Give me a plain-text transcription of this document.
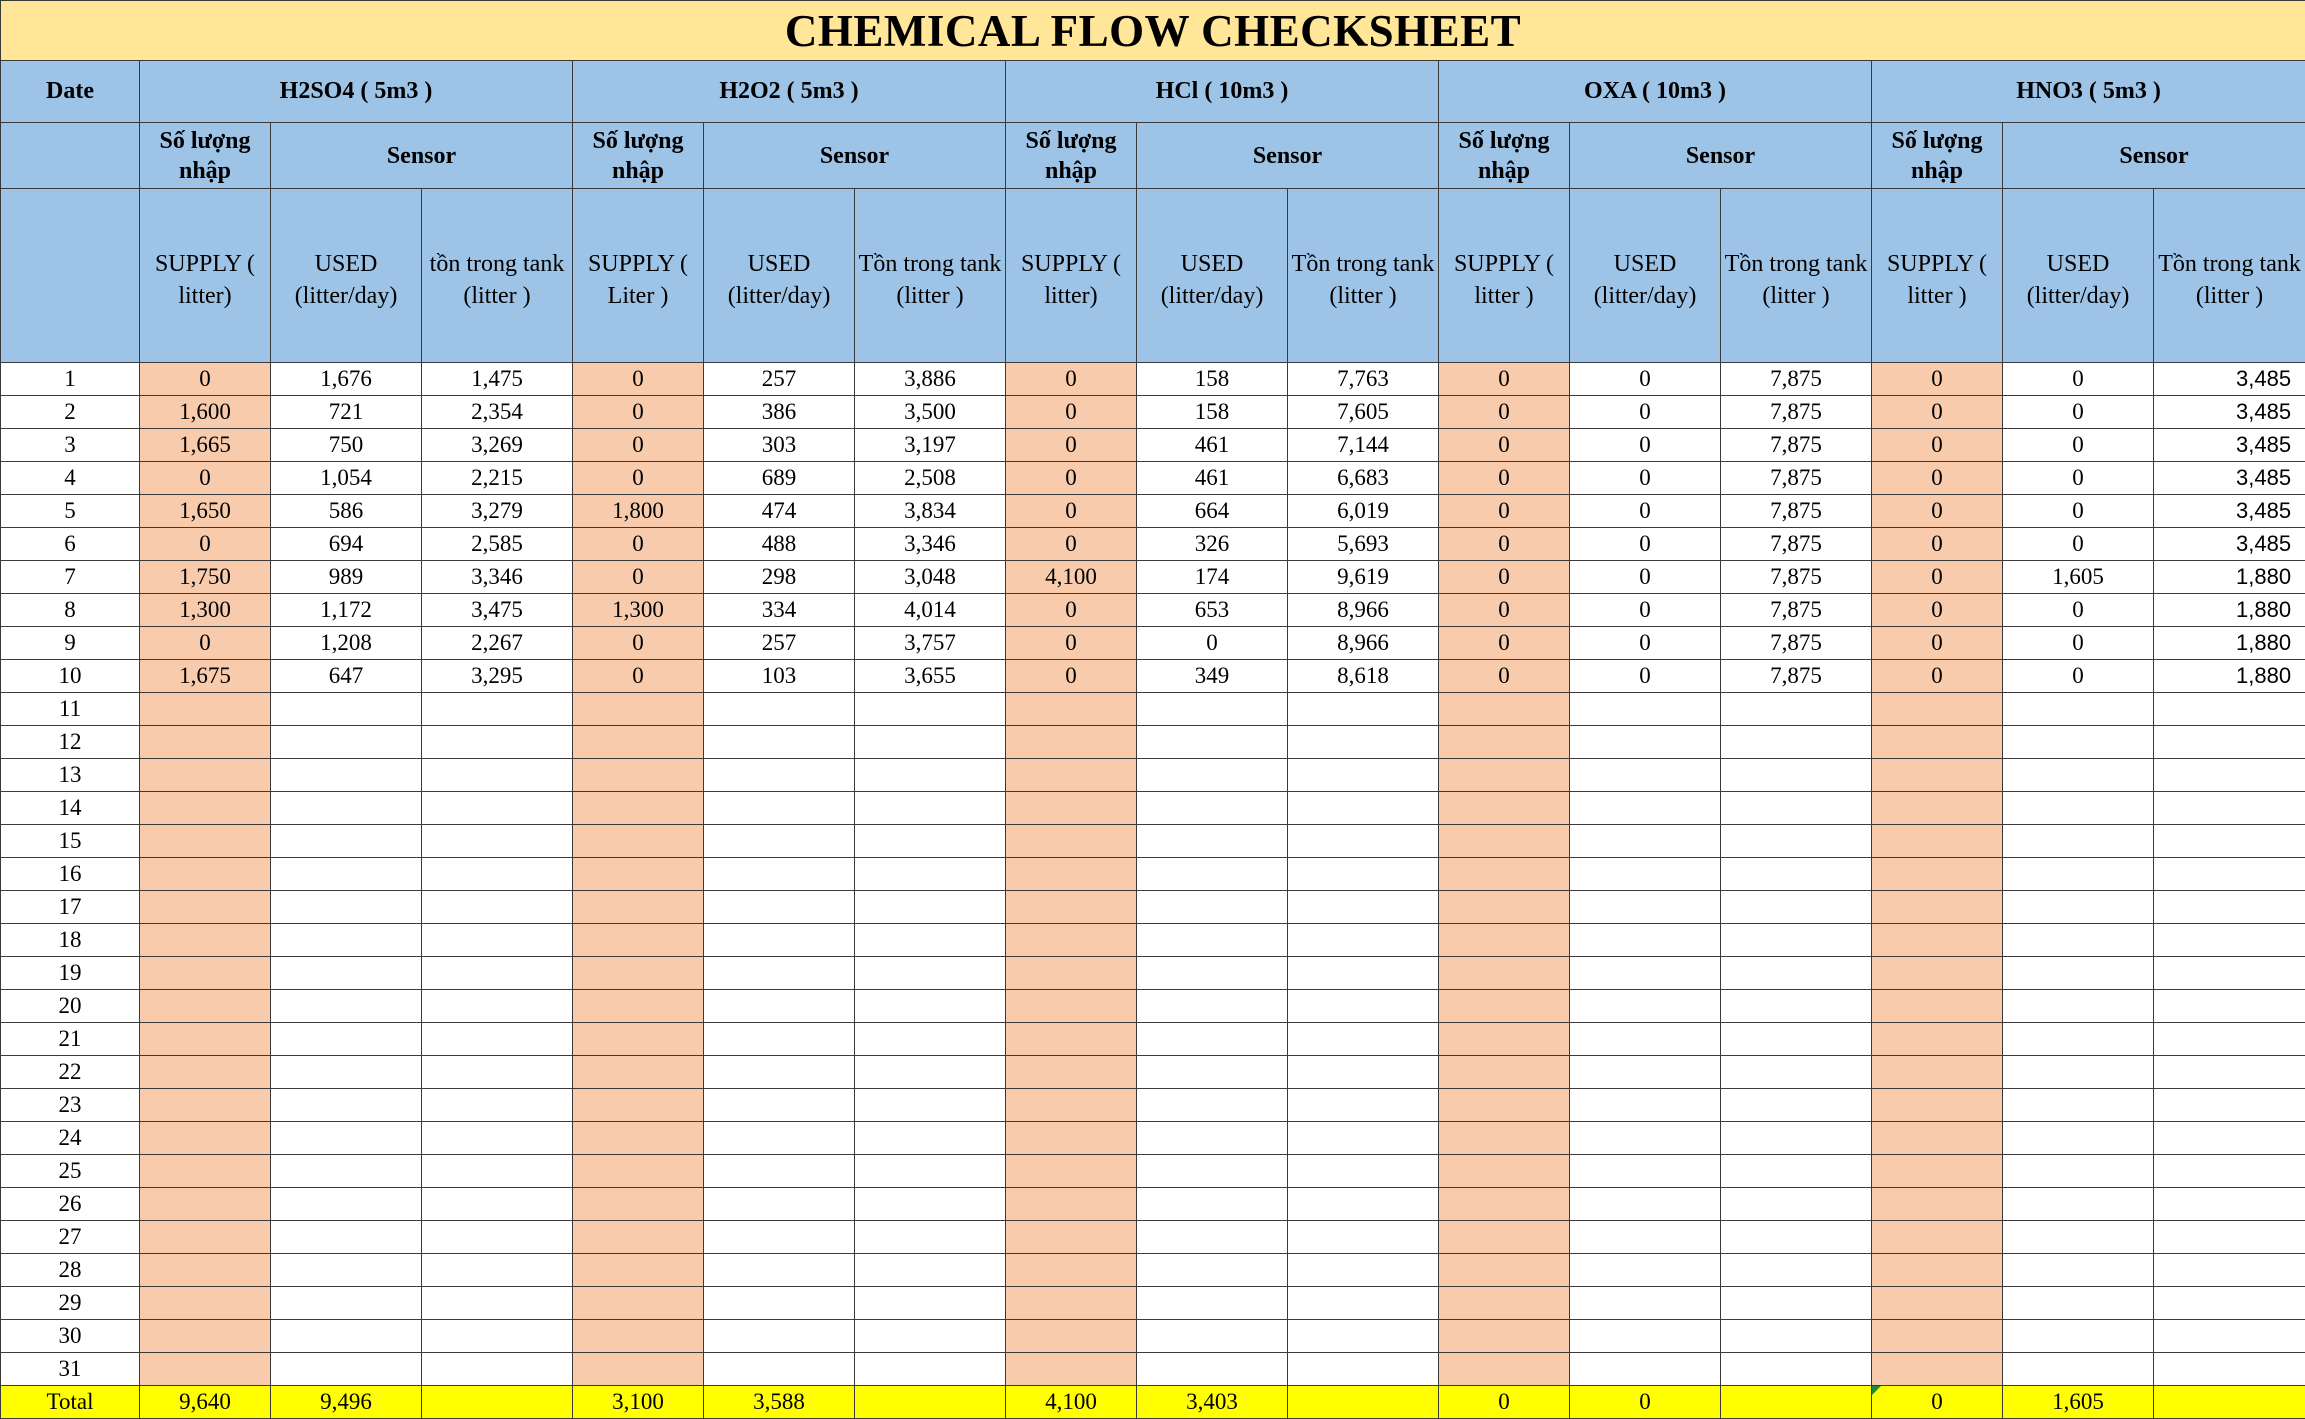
CHEMICAL FLOW CHECKSHEET															
Date	H2SO4 ( 5m3 )			H2O2 ( 5m3 )			HCl ( 10m3 )			OXA ( 10m3 )			HNO3 ( 5m3 )		
	Số lượng nhập	Sensor		Số lượng nhập	Sensor		Số lượng nhập	Sensor		Số lượng nhập	Sensor		Số lượng nhập	Sensor	
	SUPPLY ( litter)	USED (litter/day)	tồn trong tank (litter )	SUPPLY ( Liter )	USED (litter/day)	Tồn trong tank (litter )	SUPPLY ( litter)	USED (litter/day)	Tồn trong tank (litter )	SUPPLY ( litter )	USED (litter/day)	Tồn trong tank (litter )	SUPPLY ( litter )	USED (litter/day)	Tồn trong tank (litter )
1	0	1,676	1,475	0	257	3,886	0	158	7,763	0	0	7,875	0	0	3,485
2	1,600	721	2,354	0	386	3,500	0	158	7,605	0	0	7,875	0	0	3,485
3	1,665	750	3,269	0	303	3,197	0	461	7,144	0	0	7,875	0	0	3,485
4	0	1,054	2,215	0	689	2,508	0	461	6,683	0	0	7,875	0	0	3,485
5	1,650	586	3,279	1,800	474	3,834	0	664	6,019	0	0	7,875	0	0	3,485
6	0	694	2,585	0	488	3,346	0	326	5,693	0	0	7,875	0	0	3,485
7	1,750	989	3,346	0	298	3,048	4,100	174	9,619	0	0	7,875	0	1,605	1,880
8	1,300	1,172	3,475	1,300	334	4,014	0	653	8,966	0	0	7,875	0	0	1,880
9	0	1,208	2,267	0	257	3,757	0	0	8,966	0	0	7,875	0	0	1,880
10	1,675	647	3,295	0	103	3,655	0	349	8,618	0	0	7,875	0	0	1,880
11															
12															
13															
14															
15															
16															
17															
18															
19															
20															
21															
22															
23															
24															
25															
26															
27															
28															
29															
30															
31															
Total	9,640	9,496		3,100	3,588		4,100	3,403		0	0		0	1,605	
